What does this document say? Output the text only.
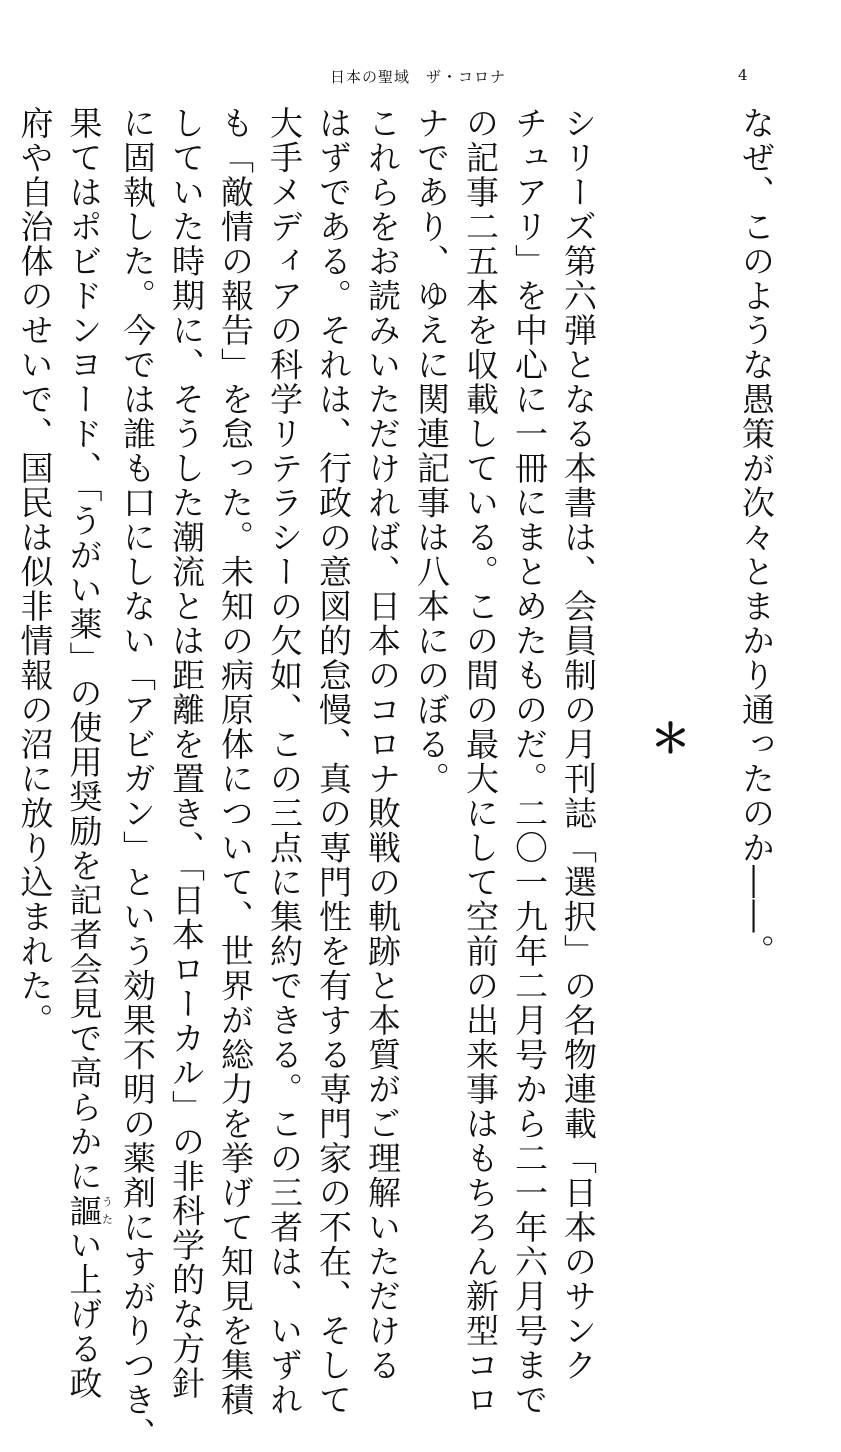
日本の聖域　ザ・コロナ	4
なぜ、このような愚策が次々とまかり通ったのか――。
＊

シリーズ第六弾となる本書は、会員制の月刊誌「選択」の名物連載「日本のサンク
チュアリ」を中心に一冊にまとめたものだ。二〇一九年二月号から二一年六月号まで
の記事二五本を収載している。この間の最大にして空前の出来事はもちろん新型コロ
ナであり、ゆえに関連記事は八本にのぼる。

これらをお読みいただければ、日本のコロナ敗戦の軌跡と本質がご理解いただける
はずである。それは、行政の意図的怠慢、真の専門性を有する専門家の不在、そして
大手メディアの科学リテラシーの欠如、この三点に集約できる。この三者は、いずれ
も「敵情の報告」を怠った。未知の病原体について、世界が総力を挙げて知見を集積
していた時期に、そうした潮流とは距離を置き、「日本ローカル」の非科学的な方針
に固執した。今では誰も口にしない「アビガン」という効果不明の薬剤にすがりつき、
果てはポビドンヨード、「うがい薬」の使用奨励を記者会見で高らかに謳うたい上げる政
府や自治体のせいで、国民は似非情報の沼に放り込まれた。
